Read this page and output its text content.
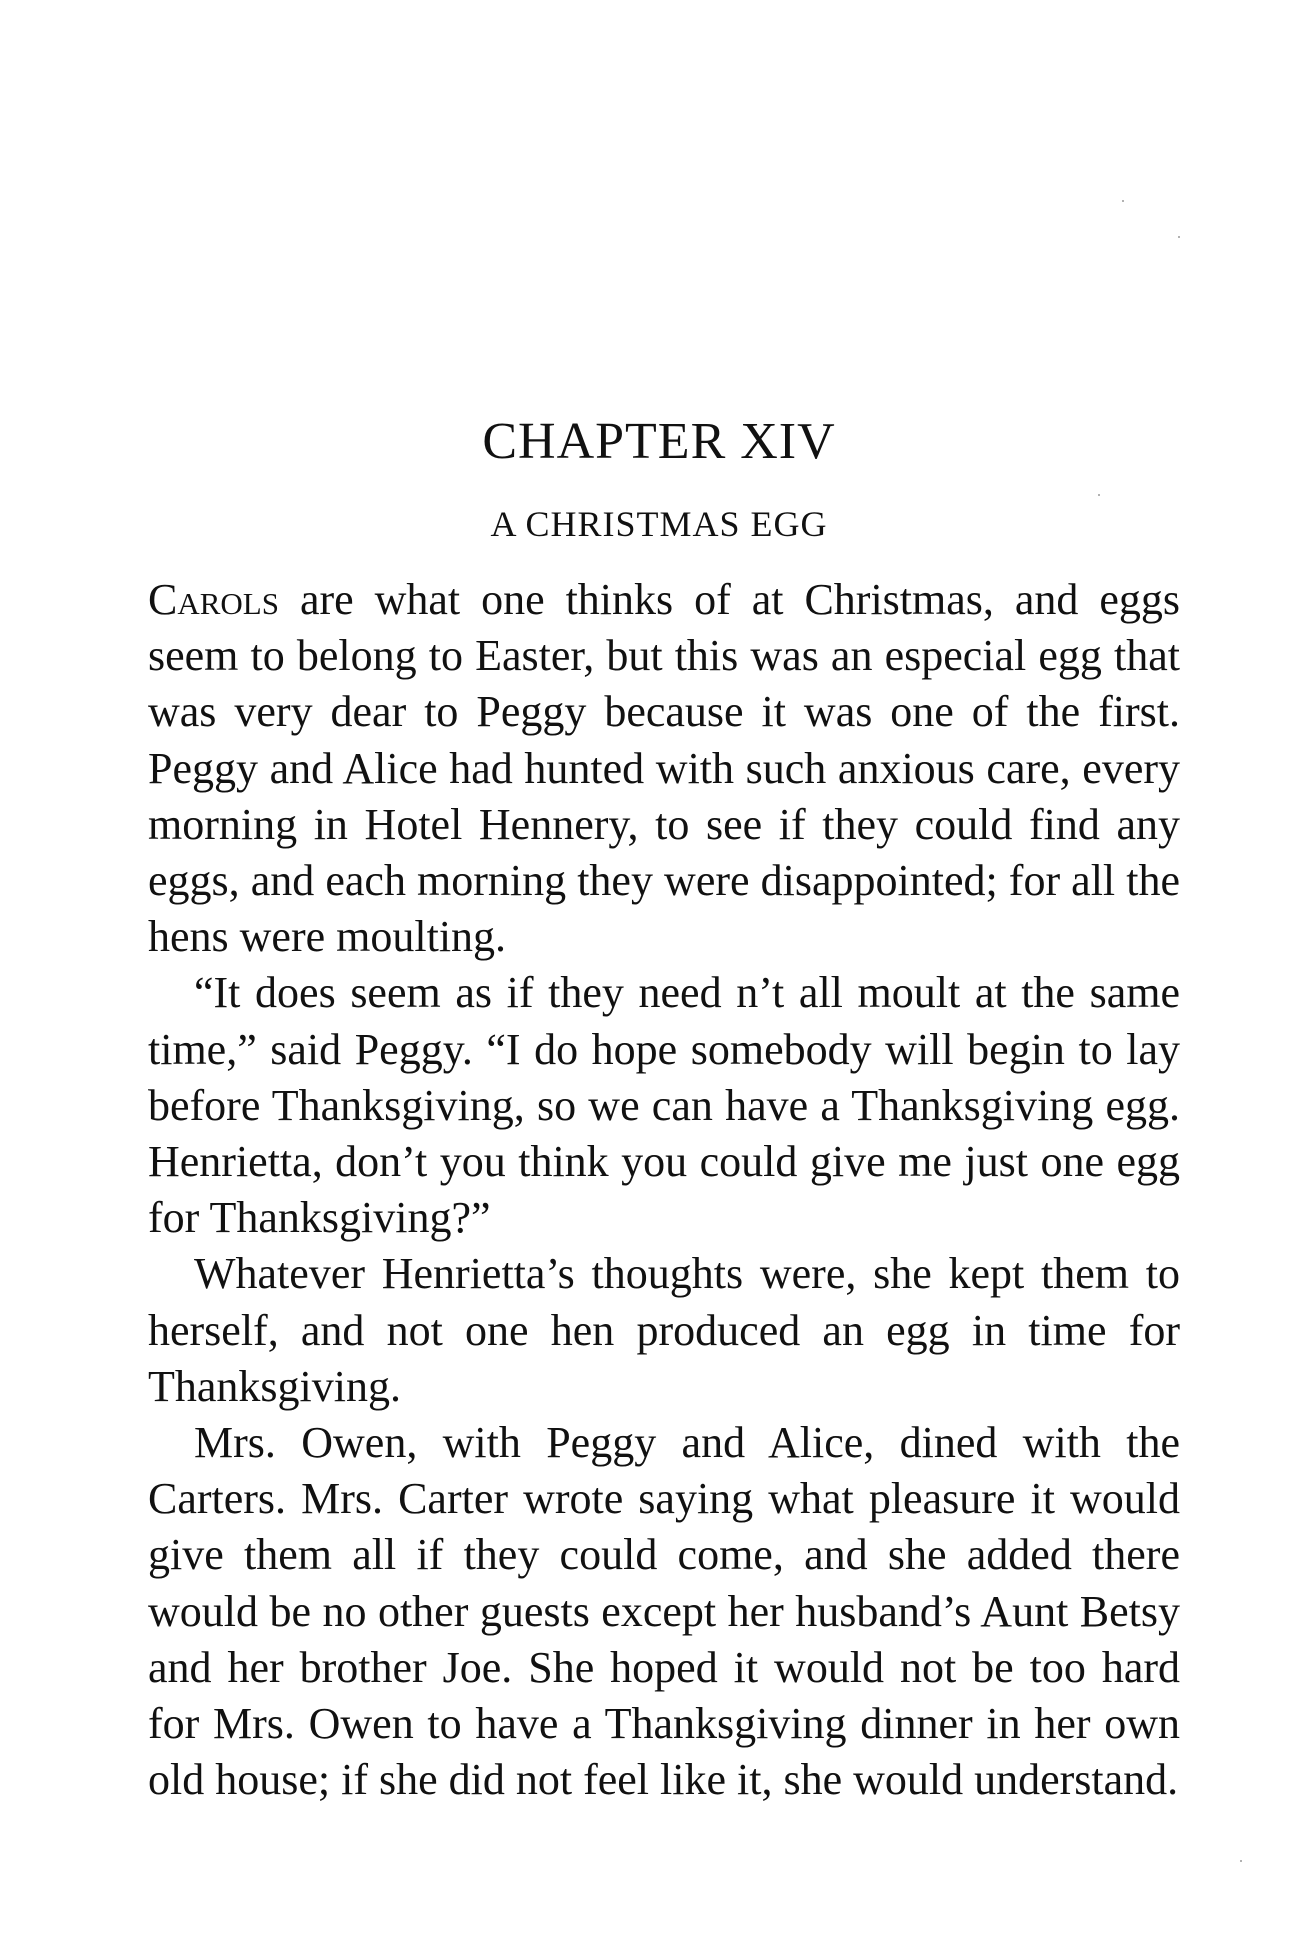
CHAPTER XIV
A CHRISTMAS EGG

Carols are what one thinks of at Christmas, and eggs seem to belong to Easter, but this was an especial egg that was very dear to Peggy because it was one of the first. Peggy and Alice had hunted with such anxious care, every morning in Hotel Hennery, to see if they could find any eggs, and each morning they were disappointed; for all the hens were moulting.

“It does seem as if they need n’t all moult at the same time,” said Peggy. “I do hope somebody will begin to lay before Thanksgiving, so we can have a Thanksgiving egg. Henrietta, don’t you think you could give me just one egg for Thanksgiving?”

Whatever Henrietta’s thoughts were, she kept them to herself, and not one hen produced an egg in time for Thanksgiving.

Mrs. Owen, with Peggy and Alice, dined with the Carters. Mrs. Carter wrote saying what pleasure it would give them all if they could come, and she added there would be no other guests except her husband’s Aunt Betsy and her brother Joe. She hoped it would not be too hard for Mrs. Owen to have a Thanksgiving dinner in her own old house; if she did not feel like it, she would understand.
